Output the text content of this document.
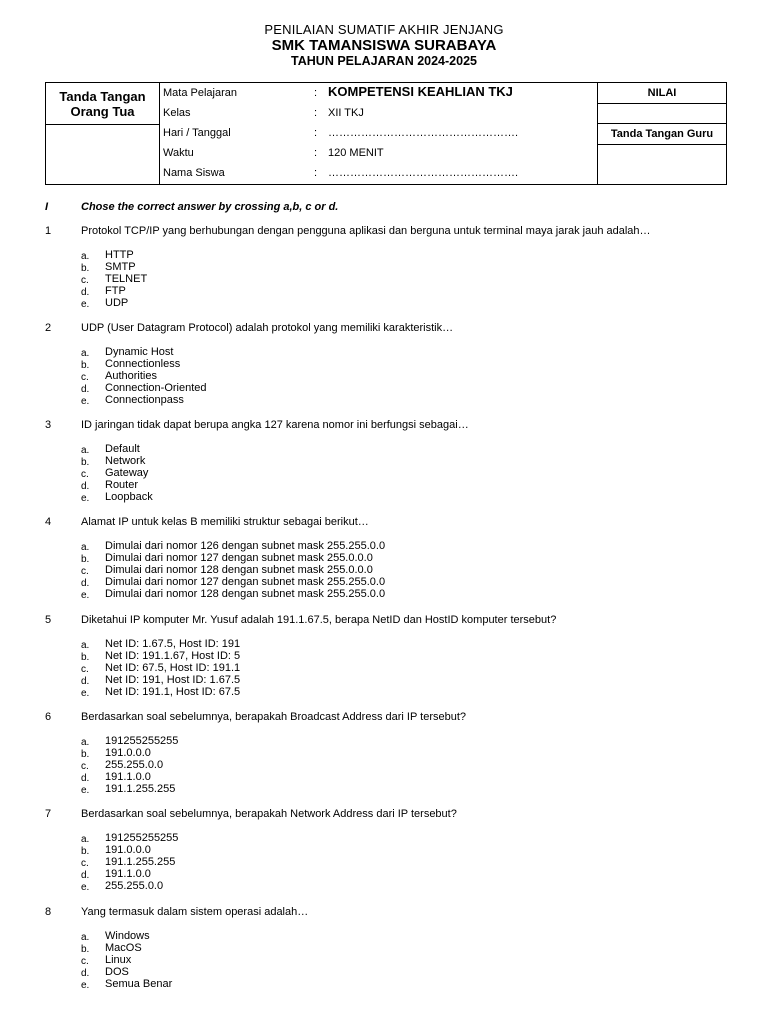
PENILAIAN SUMATIF AKHIR JENJANG
SMK TAMANSISWA SURABAYA
TAHUN PELAJARAN 2024-2025
Tanda Tangan Orang Tua
Mata Pelajaran	: KOMPETENSI KEAHLIAN TKJ
Kelas	: XII TKJ
Hari / Tanggal	: …………………………………………….
Waktu	: 120 MENIT
Nama Siswa	: …………………………………………….
NILAI
Tanda Tangan Guru
I	Chose the correct answer by crossing a,b, c or d.
1	Protokol TCP/IP yang berhubungan dengan pengguna aplikasi dan berguna untuk terminal maya jarak jauh adalah…
a. HTTP
b. SMTP
c. TELNET
d. FTP
e. UDP
2	UDP (User Datagram Protocol) adalah protokol yang memiliki karakteristik…
a. Dynamic Host
b. Connectionless
c. Authorities
d. Connection-Oriented
e. Connectionpass
3	ID jaringan tidak dapat berupa angka 127 karena nomor ini berfungsi sebagai…
a. Default
b. Network
c. Gateway
d. Router
e. Loopback
4	Alamat IP untuk kelas B memiliki struktur sebagai berikut…
a. Dimulai dari nomor 126 dengan subnet mask 255.255.0.0
b. Dimulai dari nomor 127 dengan subnet mask 255.0.0.0
c. Dimulai dari nomor 128 dengan subnet mask 255.0.0.0
d. Dimulai dari nomor 127 dengan subnet mask 255.255.0.0
e. Dimulai dari nomor 128 dengan subnet mask 255.255.0.0
5	Diketahui IP komputer Mr. Yusuf adalah 191.1.67.5, berapa NetID dan HostID komputer tersebut?
a. Net ID: 1.67.5, Host ID: 191
b. Net ID: 191.1.67, Host ID: 5
c. Net ID: 67.5, Host ID: 191.1
d. Net ID: 191, Host ID: 1.67.5
e. Net ID: 191.1, Host ID: 67.5
6	Berdasarkan soal sebelumnya, berapakah Broadcast Address dari IP tersebut?
a. 191255255255
b. 191.0.0.0
c. 255.255.0.0
d. 191.1.0.0
e. 191.1.255.255
7	Berdasarkan soal sebelumnya, berapakah Network Address dari IP tersebut?
a. 191255255255
b. 191.0.0.0
c. 191.1.255.255
d. 191.1.0.0
e. 255.255.0.0
8	Yang termasuk dalam sistem operasi adalah…
a. Windows
b. MacOS
c. Linux
d. DOS
e. Semua Benar
